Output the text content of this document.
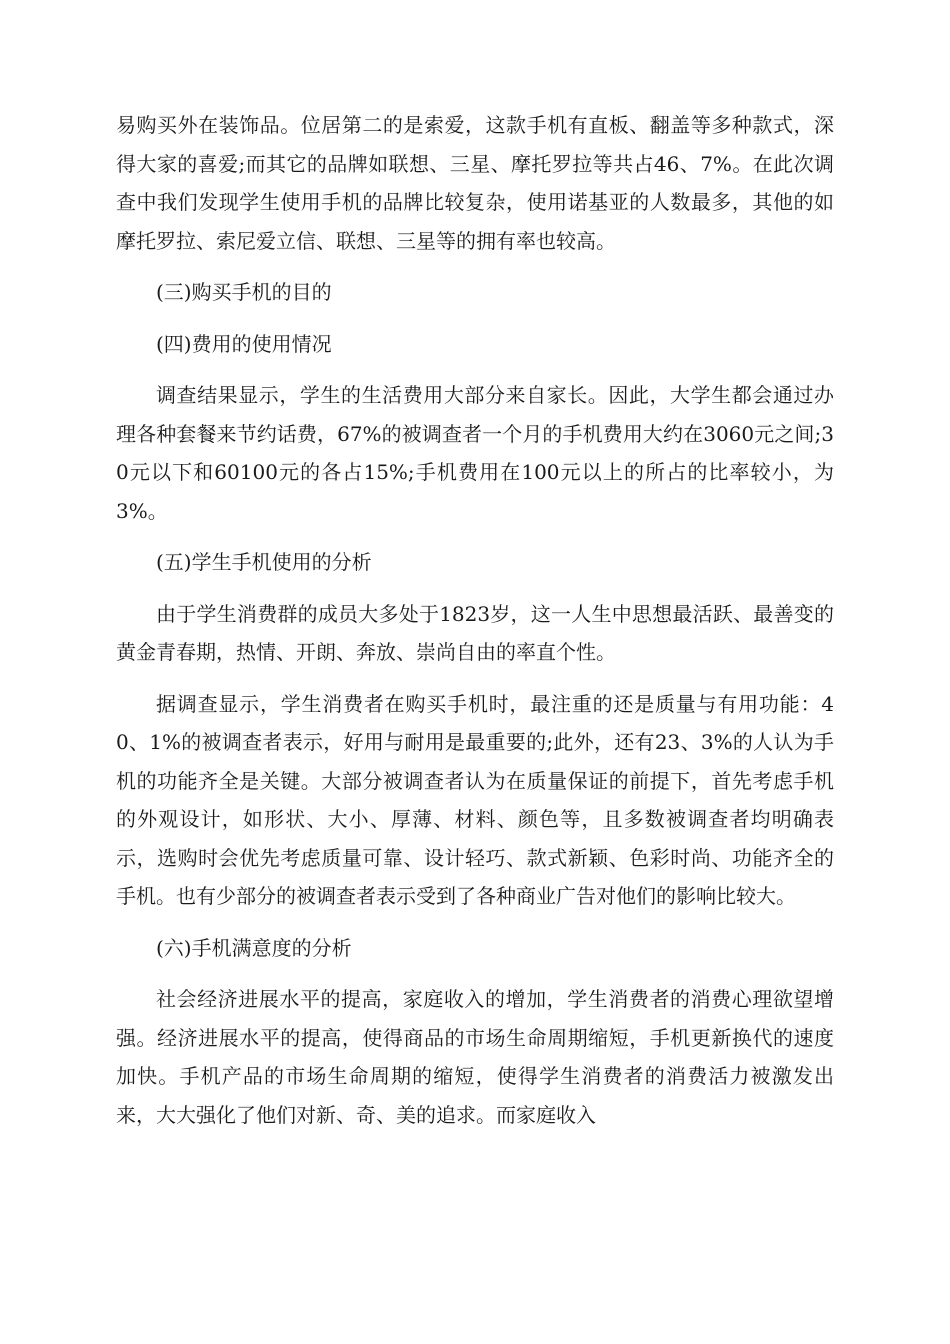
易购买外在装饰品。位居第二的是索爱，这款手机有直板、翻盖等多种款式，深得大家的喜爱;而其它的品牌如联想、三星、摩托罗拉等共占46、7%。在此次调查中我们发现学生使用手机的品牌比较复杂，使用诺基亚的人数最多，其他的如摩托罗拉、索尼爱立信、联想、三星等的拥有率也较高。

(三)购买手机的目的

(四)费用的使用情况

调查结果显示，学生的生活费用大部分来自家长。因此，大学生都会通过办理各种套餐来节约话费，67%的被调查者一个月的手机费用大约在3060元之间;30元以下和60100元的各占15%;手机费用在100元以上的所占的比率较小，为3%。

(五)学生手机使用的分析

由于学生消费群的成员大多处于1823岁，这一人生中思想最活跃、最善变的黄金青春期，热情、开朗、奔放、崇尚自由的率直个性。

据调查显示，学生消费者在购买手机时，最注重的还是质量与有用功能：40、1%的被调查者表示，好用与耐用是最重要的;此外，还有23、3%的人认为手机的功能齐全是关键。大部分被调查者认为在质量保证的前提下，首先考虑手机的外观设计，如形状、大小、厚薄、材料、颜色等，且多数被调查者均明确表示，选购时会优先考虑质量可靠、设计轻巧、款式新颖、色彩时尚、功能齐全的手机。也有少部分的被调查者表示受到了各种商业广告对他们的影响比较大。

(六)手机满意度的分析

社会经济进展水平的提高，家庭收入的增加，学生消费者的消费心理欲望增强。经济进展水平的提高，使得商品的市场生命周期缩短，手机更新换代的速度加快。手机产品的市场生命周期的缩短，使得学生消费者的消费活力被激发出来，大大强化了他们对新、奇、美的追求。而家庭收入
